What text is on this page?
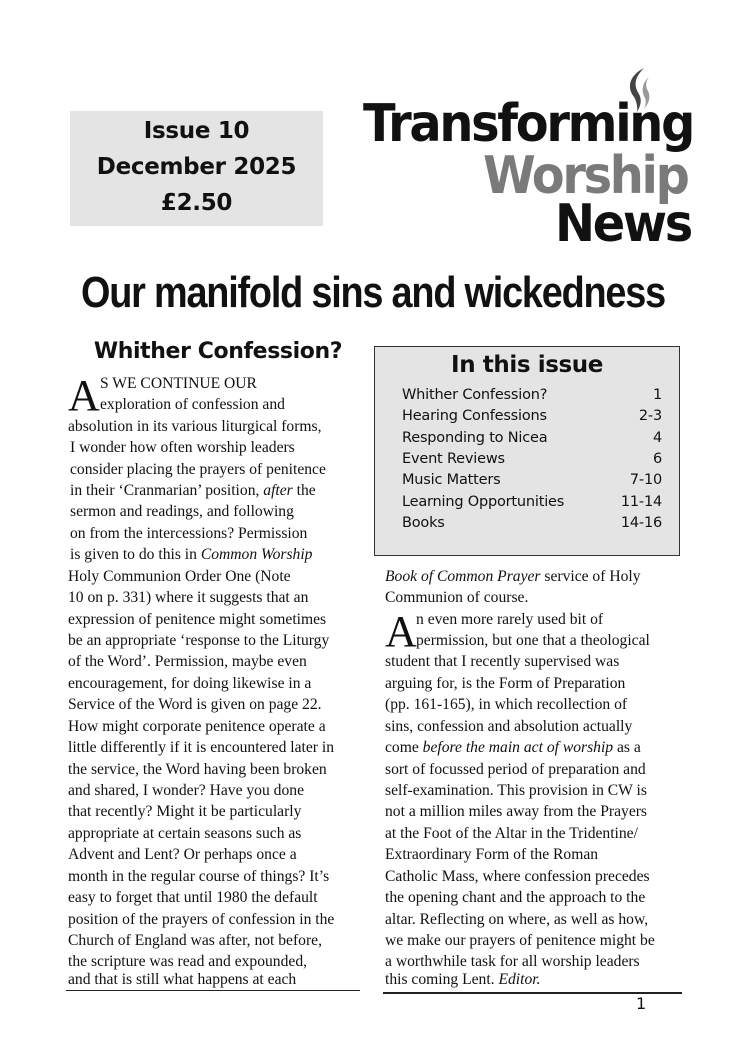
Issue 10
December 2025
£2.50
Transforming
Worship
News
Our manifold sins and wickedness
Whither Confession?
In this issue
Whither Confession?	1
Hearing Confessions	2-3
Responding to Nicea	4
Event Reviews	6
Music Matters	7-10
Learning Opportunities	11-14
Books	14-16
A S WE CONTINUE OUR
exploration of confession and
absolution in its various liturgical forms,
I wonder how often worship leaders
consider placing the prayers of penitence
in their ‘Cranmarian’ position, after the
sermon and readings, and following
on from the intercessions? Permission
is given to do this in Common Worship
Holy Communion Order One (Note
10 on p. 331) where it suggests that an
expression of penitence might sometimes
be an appropriate ‘response to the Liturgy
of the Word’. Permission, maybe even
encouragement, for doing likewise in a
Service of the Word is given on page 22.
How might corporate penitence operate a
little differently if it is encountered later in
the service, the Word having been broken
and shared, I wonder? Have you done
that recently? Might it be particularly
appropriate at certain seasons such as
Advent and Lent? Or perhaps once a
month in the regular course of things? It’s
easy to forget that until 1980 the default
position of the prayers of confession in the
Church of England was after, not before,
the scripture was read and expounded,
and that is still what happens at each
Book of Common Prayer service of Holy
Communion of course.
A n even more rarely used bit of
permission, but one that a theological
student that I recently supervised was
arguing for, is the Form of Preparation
(pp. 161-165), in which recollection of
sins, confession and absolution actually
come before the main act of worship as a
sort of focussed period of preparation and
self-examination. This provision in CW is
not a million miles away from the Prayers
at the Foot of the Altar in the Tridentine/
Extraordinary Form of the Roman
Catholic Mass, where confession precedes
the opening chant and the approach to the
altar. Reflecting on where, as well as how,
we make our prayers of penitence might be
a worthwhile task for all worship leaders
this coming Lent. Editor.
1
